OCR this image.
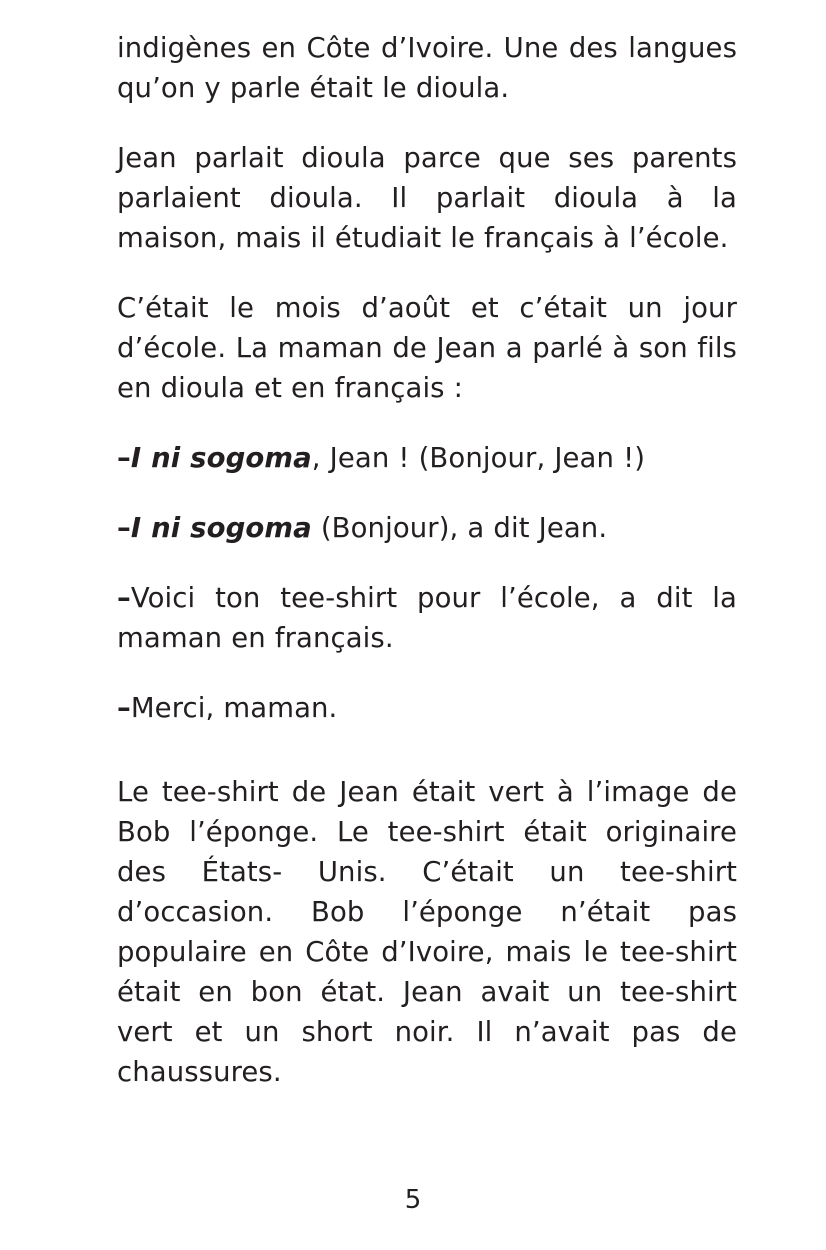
indigènes en Côte d’Ivoire. Une des langues qu’on y parle était le dioula.

Jean parlait dioula parce que ses parents parlaient dioula. Il parlait dioula à la maison, mais il étudiait le français à l’école.

C’était le mois d’août et c’était un jour d’école. La maman de Jean a parlé à son fils en dioula et en français :

–I ni sogoma, Jean ! (Bonjour, Jean !)

–I ni sogoma (Bonjour), a dit Jean.

–Voici ton tee-shirt pour l’école, a dit la maman en français.

–Merci, maman.

Le tee-shirt de Jean était vert à l’image de Bob l’éponge. Le tee-shirt était originaire des États- Unis. C’était un tee-shirt d’occasion. Bob l’éponge n’était pas populaire en Côte d’Ivoire, mais le tee-shirt était en bon état. Jean avait un tee-shirt vert et un short noir. Il n’avait pas de chaussures.

5
